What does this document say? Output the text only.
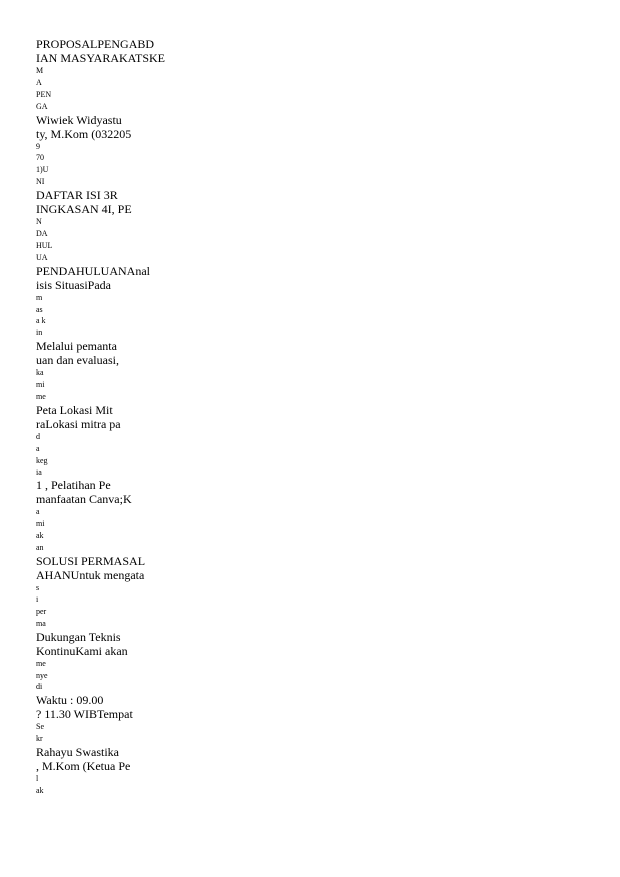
PROPOSALPENGABD
IAN MASYARAKATSKE
M
A
PEN
GA
Wiwiek Widyastu
ty, M.Kom (032205
9
70
1)U
NI
DAFTAR ISI 3R
INGKASAN 4I, PE
N
DA
HUL
UA
PENDAHULUANAnal
isis SituasiPada
m
as
a k
in
Melalui pemanta
uan dan evaluasi,
ka
mi
me
Peta Lokasi Mit
raLokasi mitra pa
d
a
keg
ia
1 , Pelatihan Pe
manfaatan Canva;K
a
mi
ak
an
SOLUSI PERMASAL
AHANUntuk mengata
s
i
per
ma
Dukungan Teknis
KontinuKami akan
me
nye
di
Waktu : 09.00
? 11.30 WIBTempat
Se
kr
Rahayu Swastika
, M.Kom (Ketua Pe
l
ak
